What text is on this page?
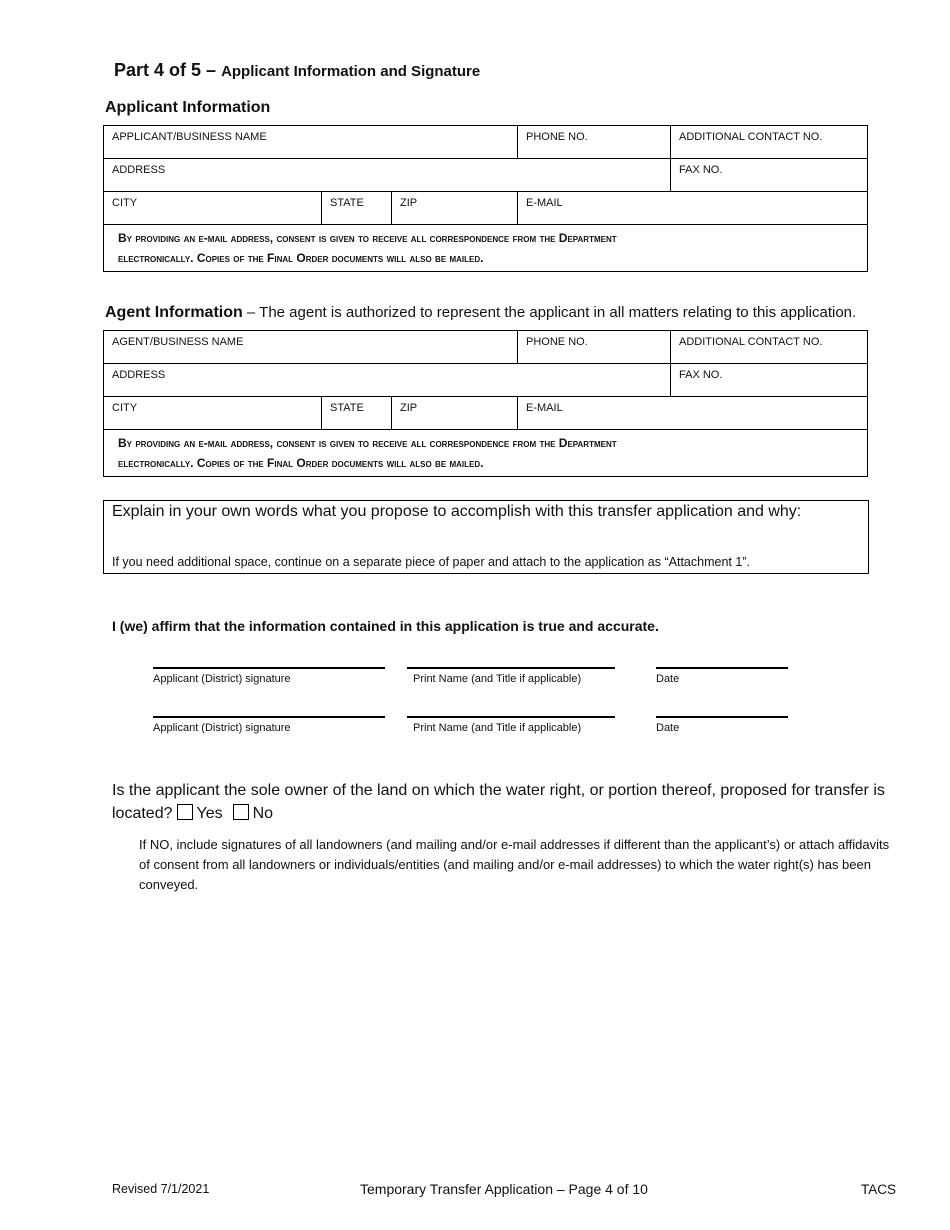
Part 4 of 5 – Applicant Information and Signature
Applicant Information
APPLICANT/BUSINESS NAME			PHONE NO.	ADDITIONAL CONTACT NO.
ADDRESS				FAX NO.
CITY	STATE	ZIP	E-MAIL	

By providing an e-mail address, consent is given to receive all correspondence from the Department
electronically. Copies of the Final Order documents will also be mailed.				
Agent Information – The agent is authorized to represent the applicant in all matters relating to this application.
AGENT/BUSINESS NAME			PHONE NO.	ADDITIONAL CONTACT NO.
ADDRESS				FAX NO.
CITY	STATE	ZIP	E-MAIL	

By providing an e-mail address, consent is given to receive all correspondence from the Department
electronically. Copies of the Final Order documents will also be mailed.				
Explain in your own words what you propose to accomplish with this transfer application and why:
If you need additional space, continue on a separate piece of paper and attach to the application as “Attachment 1”.
I (we) affirm that the information contained in this application is true and accurate.
Applicant (District) signature	Print Name (and Title if applicable)	Date
Applicant (District) signature	Print Name (and Title if applicable)	Date
Is the applicant the sole owner of the land on which the water right, or portion thereof, proposed for transfer is located? Yes No
If NO, include signatures of all landowners (and mailing and/or e-mail addresses if different than the applicant’s) or attach affidavits of consent from all landowners or individuals/entities (and mailing and/or e-mail addresses) to which the water right(s) has been conveyed.
Revised 7/1/2021	Temporary Transfer Application – Page 4 of 10	TACS
